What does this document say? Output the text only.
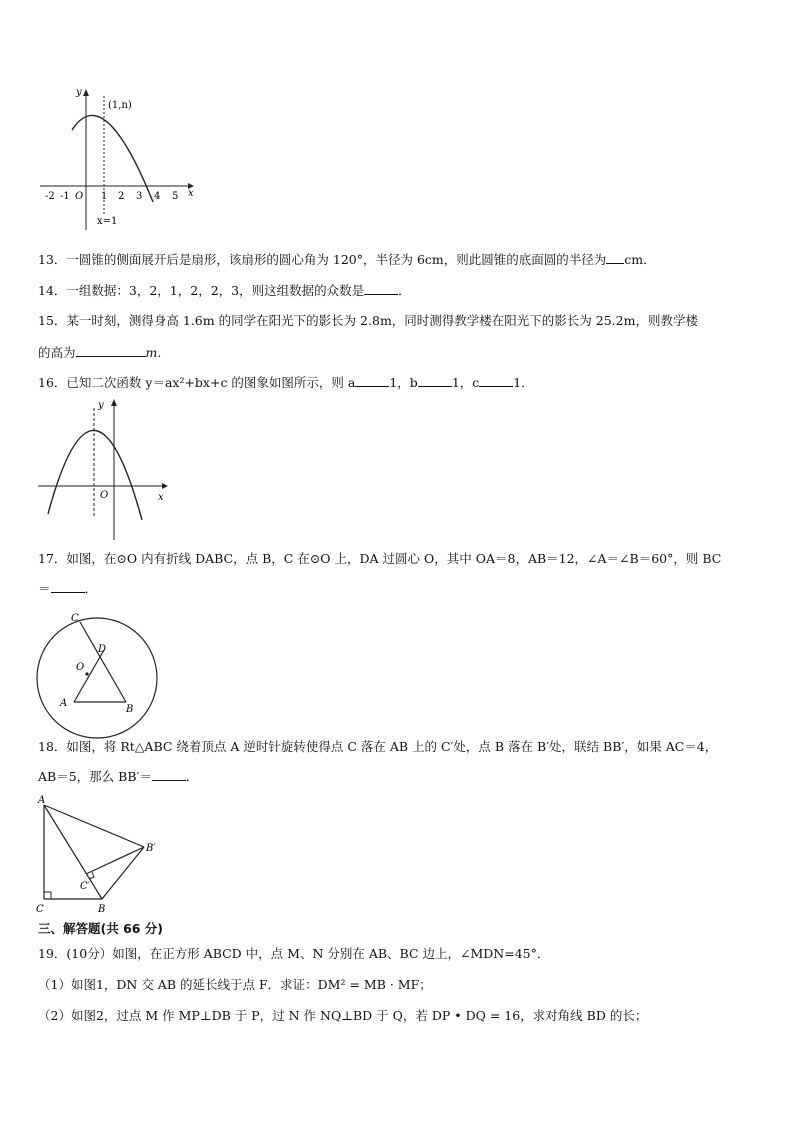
y
x
(1,n)
x=1
O
-2 -1	1 2 3 4 5
13．一圆锥的侧面展开后是扇形，该扇形的圆心角为 120°，半径为 6cm，则此圆锥的底面圆的半径为 cm．
14．一组数据：3，2，1，2，2，3，则这组数据的众数是	．
15．某一时刻，测得身高 1.6m 的同学在阳光下的影长为 2.8m，同时测得教学楼在阳光下的影长为 25.2m，则教学楼
的高为	m.
16．已知二次函数 y＝ax²+bx+c 的图象如图所示，则 a	1，b	1，c	1．
y
x
O
17．如图，在⊙O 内有折线 DABC，点 B，C 在⊙O 上，DA 过圆心 O，其中 OA＝8，AB＝12，∠A＝∠B＝60°，则 BC
＝	．
C
D
O
A
B
18．如图，将 Rt△ABC 绕着顶点 A 逆时针旋转使得点 C 落在 AB 上的 C′处，点 B 落在 B′处，联结 BB′，如果 AC＝4，
AB＝5，那么 BB′＝	．
A
B′
C′
C	B
三、解答题(共 66 分)
19．(10分）如图，在正方形 ABCD 中，点 M、N 分别在 AB、BC 边上，∠MDN=45°．
（1）如图1，DN 交 AB 的延长线于点 F．求证：DM² = MB · MF；
（2）如图2，过点 M 作 MP⊥DB 于 P，过 N 作 NQ⊥BD 于 Q，若 DP • DQ = 16，求对角线 BD 的长；
